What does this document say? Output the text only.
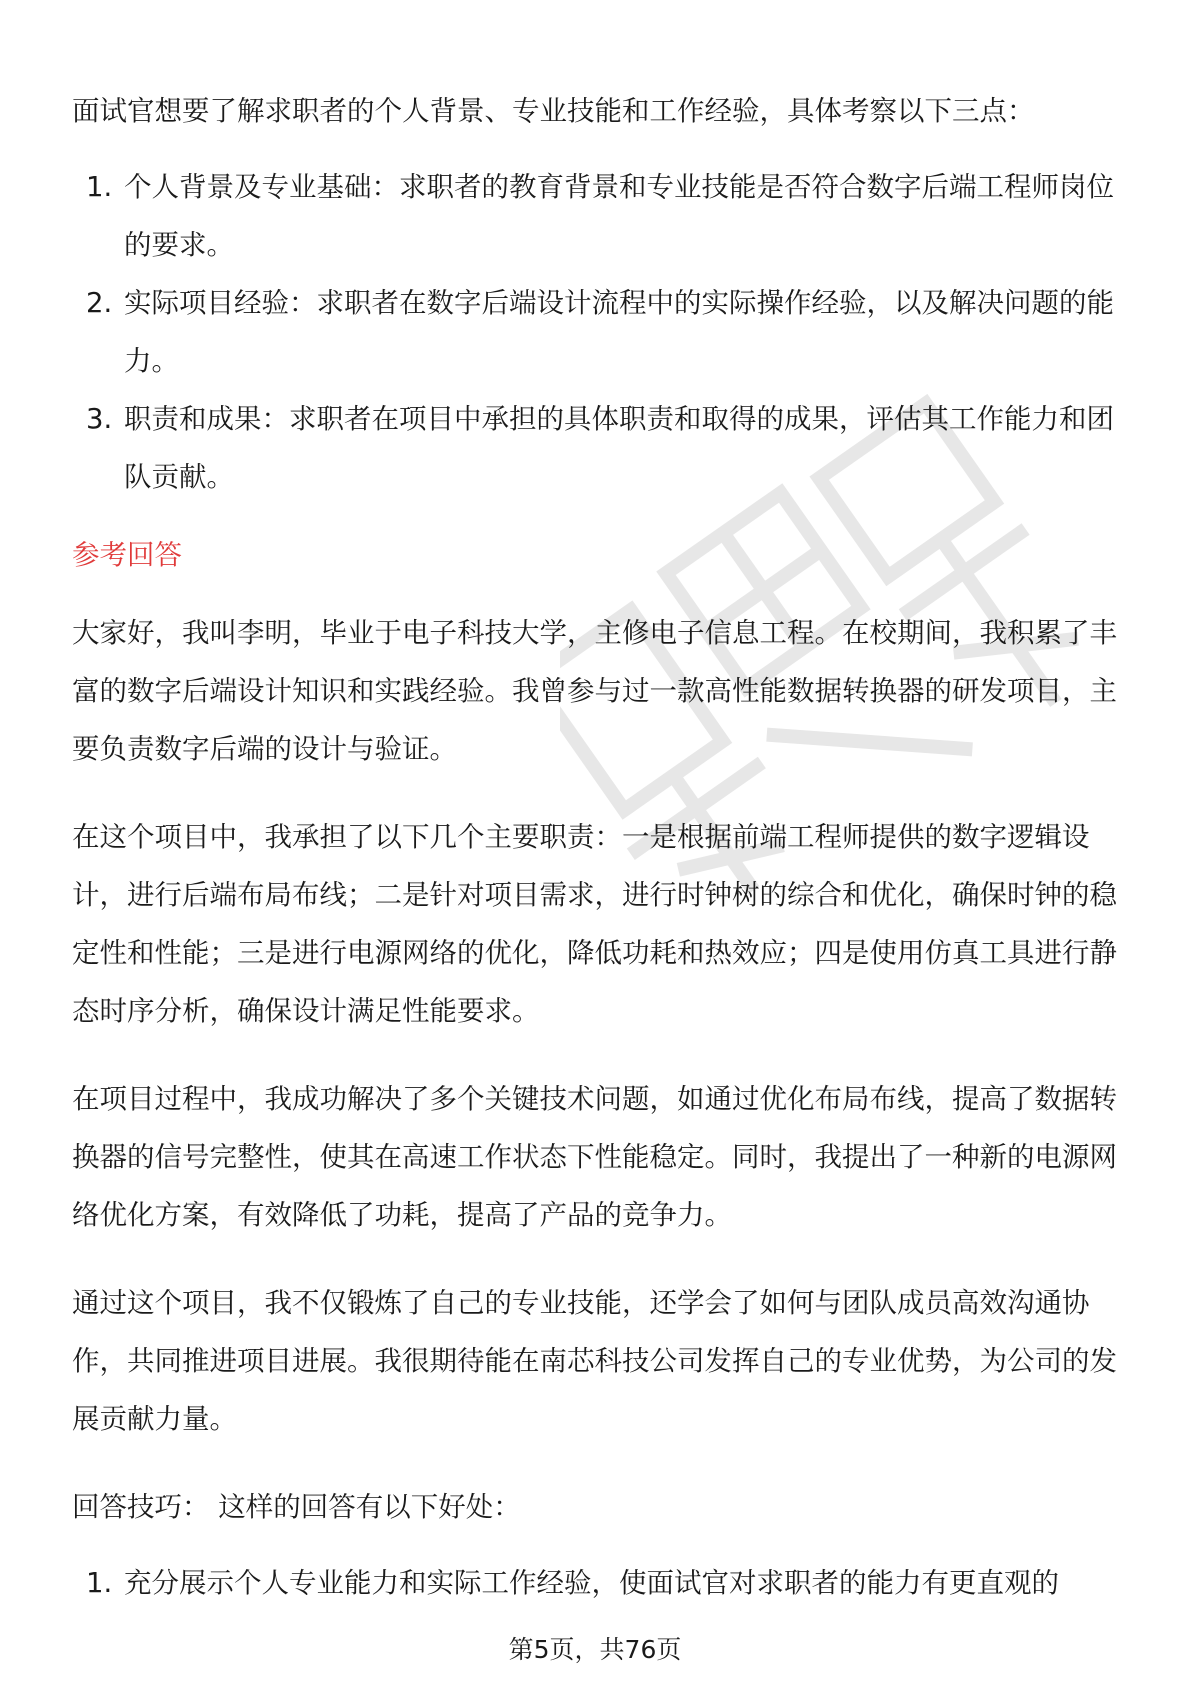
面试官想要了解求职者的个人背景、专业技能和工作经验，具体考察以下三点：

1. 个人背景及专业基础：求职者的教育背景和专业技能是否符合数字后端工程师岗位的要求。
2. 实际项目经验：求职者在数字后端设计流程中的实际操作经验，以及解决问题的能力。
3. 职责和成果：求职者在项目中承担的具体职责和取得的成果，评估其工作能力和团队贡献。
参考回答

大家好，我叫李明，毕业于电子科技大学，主修电子信息工程。在校期间，我积累了丰富的数字后端设计知识和实践经验。我曾参与过一款高性能数据转换器的研发项目，主要负责数字后端的设计与验证。

在这个项目中，我承担了以下几个主要职责：一是根据前端工程师提供的数字逻辑设计，进行后端布局布线；二是针对项目需求，进行时钟树的综合和优化，确保时钟的稳定性和性能；三是进行电源网络的优化，降低功耗和热效应；四是使用仿真工具进行静态时序分析，确保设计满足性能要求。

在项目过程中，我成功解决了多个关键技术问题，如通过优化布局布线，提高了数据转换器的信号完整性，使其在高速工作状态下性能稳定。同时，我提出了一种新的电源网络优化方案，有效降低了功耗，提高了产品的竞争力。

通过这个项目，我不仅锻炼了自己的专业技能，还学会了如何与团队成员高效沟通协作，共同推进项目进展。我很期待能在南芯科技公司发挥自己的专业优势，为公司的发展贡献力量。

回答技巧： 这样的回答有以下好处：

1. 充分展示个人专业能力和实际工作经验，使面试官对求职者的能力有更直观的
第5页，共76页
